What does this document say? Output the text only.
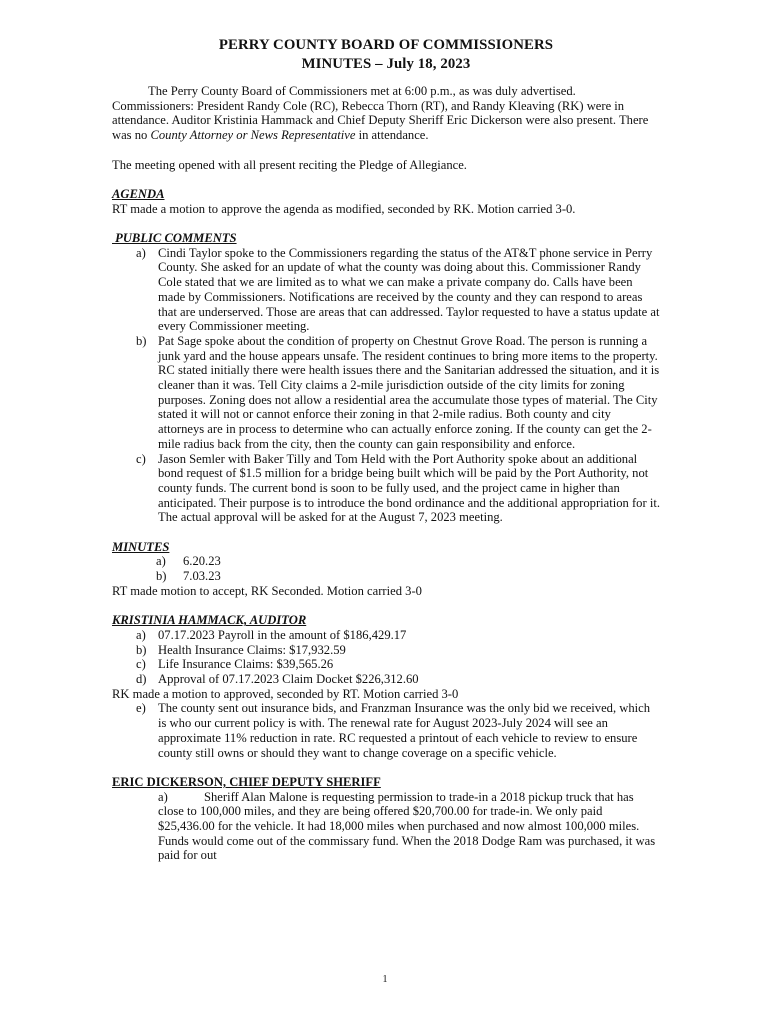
PERRY COUNTY BOARD OF COMMISSIONERS
MINUTES – July 18, 2023

The Perry County Board of Commissioners met at 6:00 p.m., as was duly advertised. Commissioners: President Randy Cole (RC), Rebecca Thorn (RT), and Randy Kleaving (RK) were in attendance. Auditor Kristinia Hammack and Chief Deputy Sheriff Eric Dickerson were also present. There was no County Attorney or News Representative in attendance.

The meeting opened with all present reciting the Pledge of Allegiance.

AGENDA

RT made a motion to approve the agenda as modified, seconded by RK. Motion carried 3-0.

PUBLIC COMMENTS

a) Cindi Taylor spoke to the Commissioners regarding the status of the AT&T phone service in Perry County. She asked for an update of what the county was doing about this. Commissioner Randy Cole stated that we are limited as to what we can make a private company do. Calls have been made by Commissioners. Notifications are received by the county and they can respond to areas that are underserved. Those are areas that can addressed. Taylor requested to have a status update at every Commissioner meeting.
b) Pat Sage spoke about the condition of property on Chestnut Grove Road. The person is running a junk yard and the house appears unsafe. The resident continues to bring more items to the property. RC stated initially there were health issues there and the Sanitarian addressed the situation, and it is cleaner than it was. Tell City claims a 2-mile jurisdiction outside of the city limits for zoning purposes. Zoning does not allow a residential area the accumulate those types of material. The City stated it will not or cannot enforce their zoning in that 2-mile radius. Both county and city attorneys are in process to determine who can actually enforce zoning. If the county can get the 2-mile radius back from the city, then the county can gain responsibility and enforce.
c) Jason Semler with Baker Tilly and Tom Held with the Port Authority spoke about an additional bond request of $1.5 million for a bridge being built which will be paid by the Port Authority, not county funds. The current bond is soon to be fully used, and the project came in higher than anticipated. Their purpose is to introduce the bond ordinance and the additional appropriation for it. The actual approval will be asked for at the August 7, 2023 meeting.

MINUTES

a) 6.20.23
b) 7.03.23

RT made motion to accept, RK Seconded. Motion carried 3-0

KRISTINIA HAMMACK, AUDITOR

a) 07.17.2023 Payroll in the amount of $186,429.17
b) Health Insurance Claims: $17,932.59
c) Life Insurance Claims: $39,565.26
d) Approval of 07.17.2023 Claim Docket $226,312.60

RK made a motion to approved, seconded by RT. Motion carried 3-0

e) The county sent out insurance bids, and Franzman Insurance was the only bid we received, which is who our current policy is with. The renewal rate for August 2023-July 2024 will see an approximate 11% reduction in rate. RC requested a printout of each vehicle to review to ensure county still owns or should they want to change coverage on a specific vehicle.

ERIC DICKERSON, CHIEF DEPUTY SHERIFF

a)	Sheriff Alan Malone is requesting permission to trade-in a 2018 pickup truck that has close to 100,000 miles, and they are being offered $20,700.00 for trade-in. We only paid $25,436.00 for the vehicle. It had 18,000 miles when purchased and now almost 100,000 miles. Funds would come out of the commissary fund. When the 2018 Dodge Ram was purchased, it was paid for out

1
